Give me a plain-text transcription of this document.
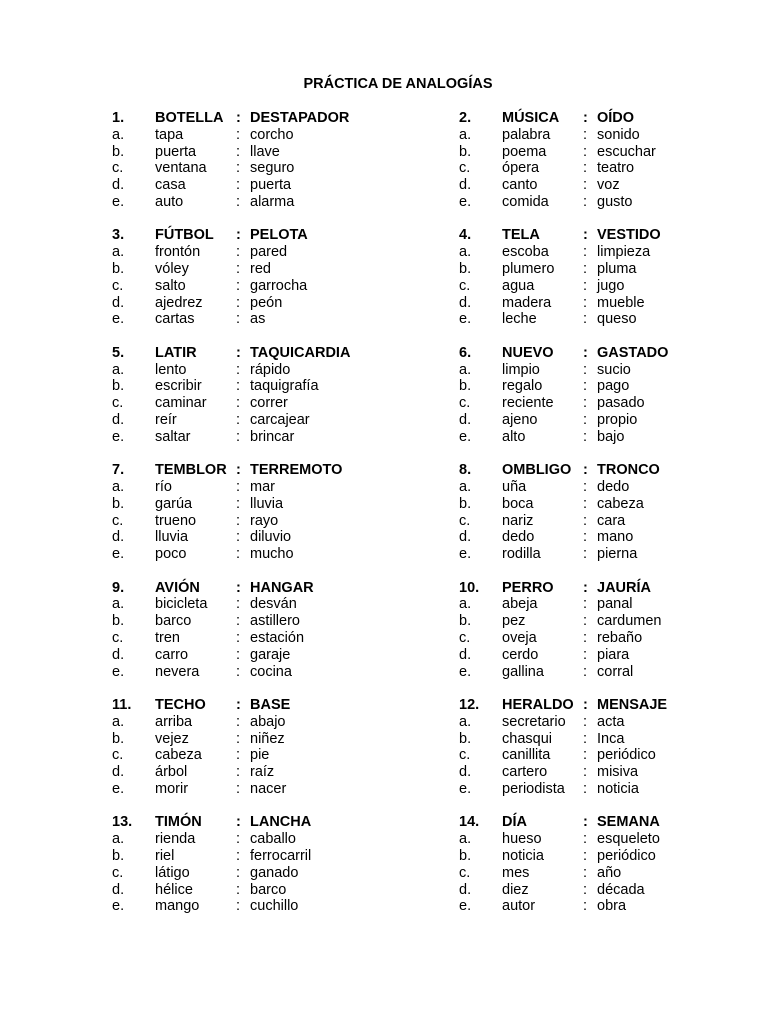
PRÁCTICA DE ANALOGÍAS
1. BOTELLA : DESTAPADOR
a. tapa	: corcho
b. puerta	: llave
c. ventana : seguro
d. casa	: puerta
e. auto	: alarma
3. FÚTBOL : PELOTA
a. frontón : pared
b. vóley	: red
c. salto	: garrocha
d. ajedrez : peón
e. cartas	: as
5. LATIR	: TAQUICARDIA
a. lento	: rápido
b. escribir : taquigrafía
c. caminar : correr
d. reír	: carcajear
e. saltar	: brincar
7. TEMBLOR : TERREMOTO
a. río	: mar
b. garúa	: lluvia
c. trueno	: rayo
d. lluvia	: diluvio
e. poco	: mucho
9. AVIÓN : HANGAR
a. bicicleta : desván
b. barco	: astillero
c. tren	: estación
d. carro	: garaje
e. nevera	: cocina
11. TECHO : BASE
a. arriba	: abajo
b. vejez	: niñez
c. cabeza : pie
d. árbol	: raíz
e. morir	: nacer
13. TIMÓN : LANCHA
a. rienda	: caballo
b. riel	: ferrocarril
c. látigo	: ganado
d. hélice	: barco
e. mango	: cuchillo
2. MÚSICA : OÍDO
a. palabra : sonido
b. poema	: escuchar
c. ópera	: teatro
d. canto	: voz
e. comida : gusto
4. TELA	: VESTIDO
a. escoba : limpieza
b. plumero : pluma
c. agua	: jugo
d. madera : mueble
e. leche	: queso
6. NUEVO : GASTADO
a. limpio	: sucio
b. regalo	: pago
c. reciente : pasado
d. ajeno	: propio
e. alto	: bajo
8. OMBLIGO : TRONCO
a. uña	: dedo
b. boca	: cabeza
c. nariz	: cara
d. dedo	: mano
e. rodilla	: pierna
10. PERRO : JAURÍA
a. abeja	: panal
b. pez	: cardumen
c. oveja	: rebaño
d. cerdo	: piara
e. gallina	: corral
12. HERALDO : MENSAJE
a. secretario : acta
b. chasqui : Inca
c. canillita : periódico
d. cartero : misiva
e. periodista : noticia
14. DÍA	: SEMANA
a. hueso	: esqueleto
b. noticia	: periódico
c. mes	: año
d. diez	: década
e. autor	: obra
